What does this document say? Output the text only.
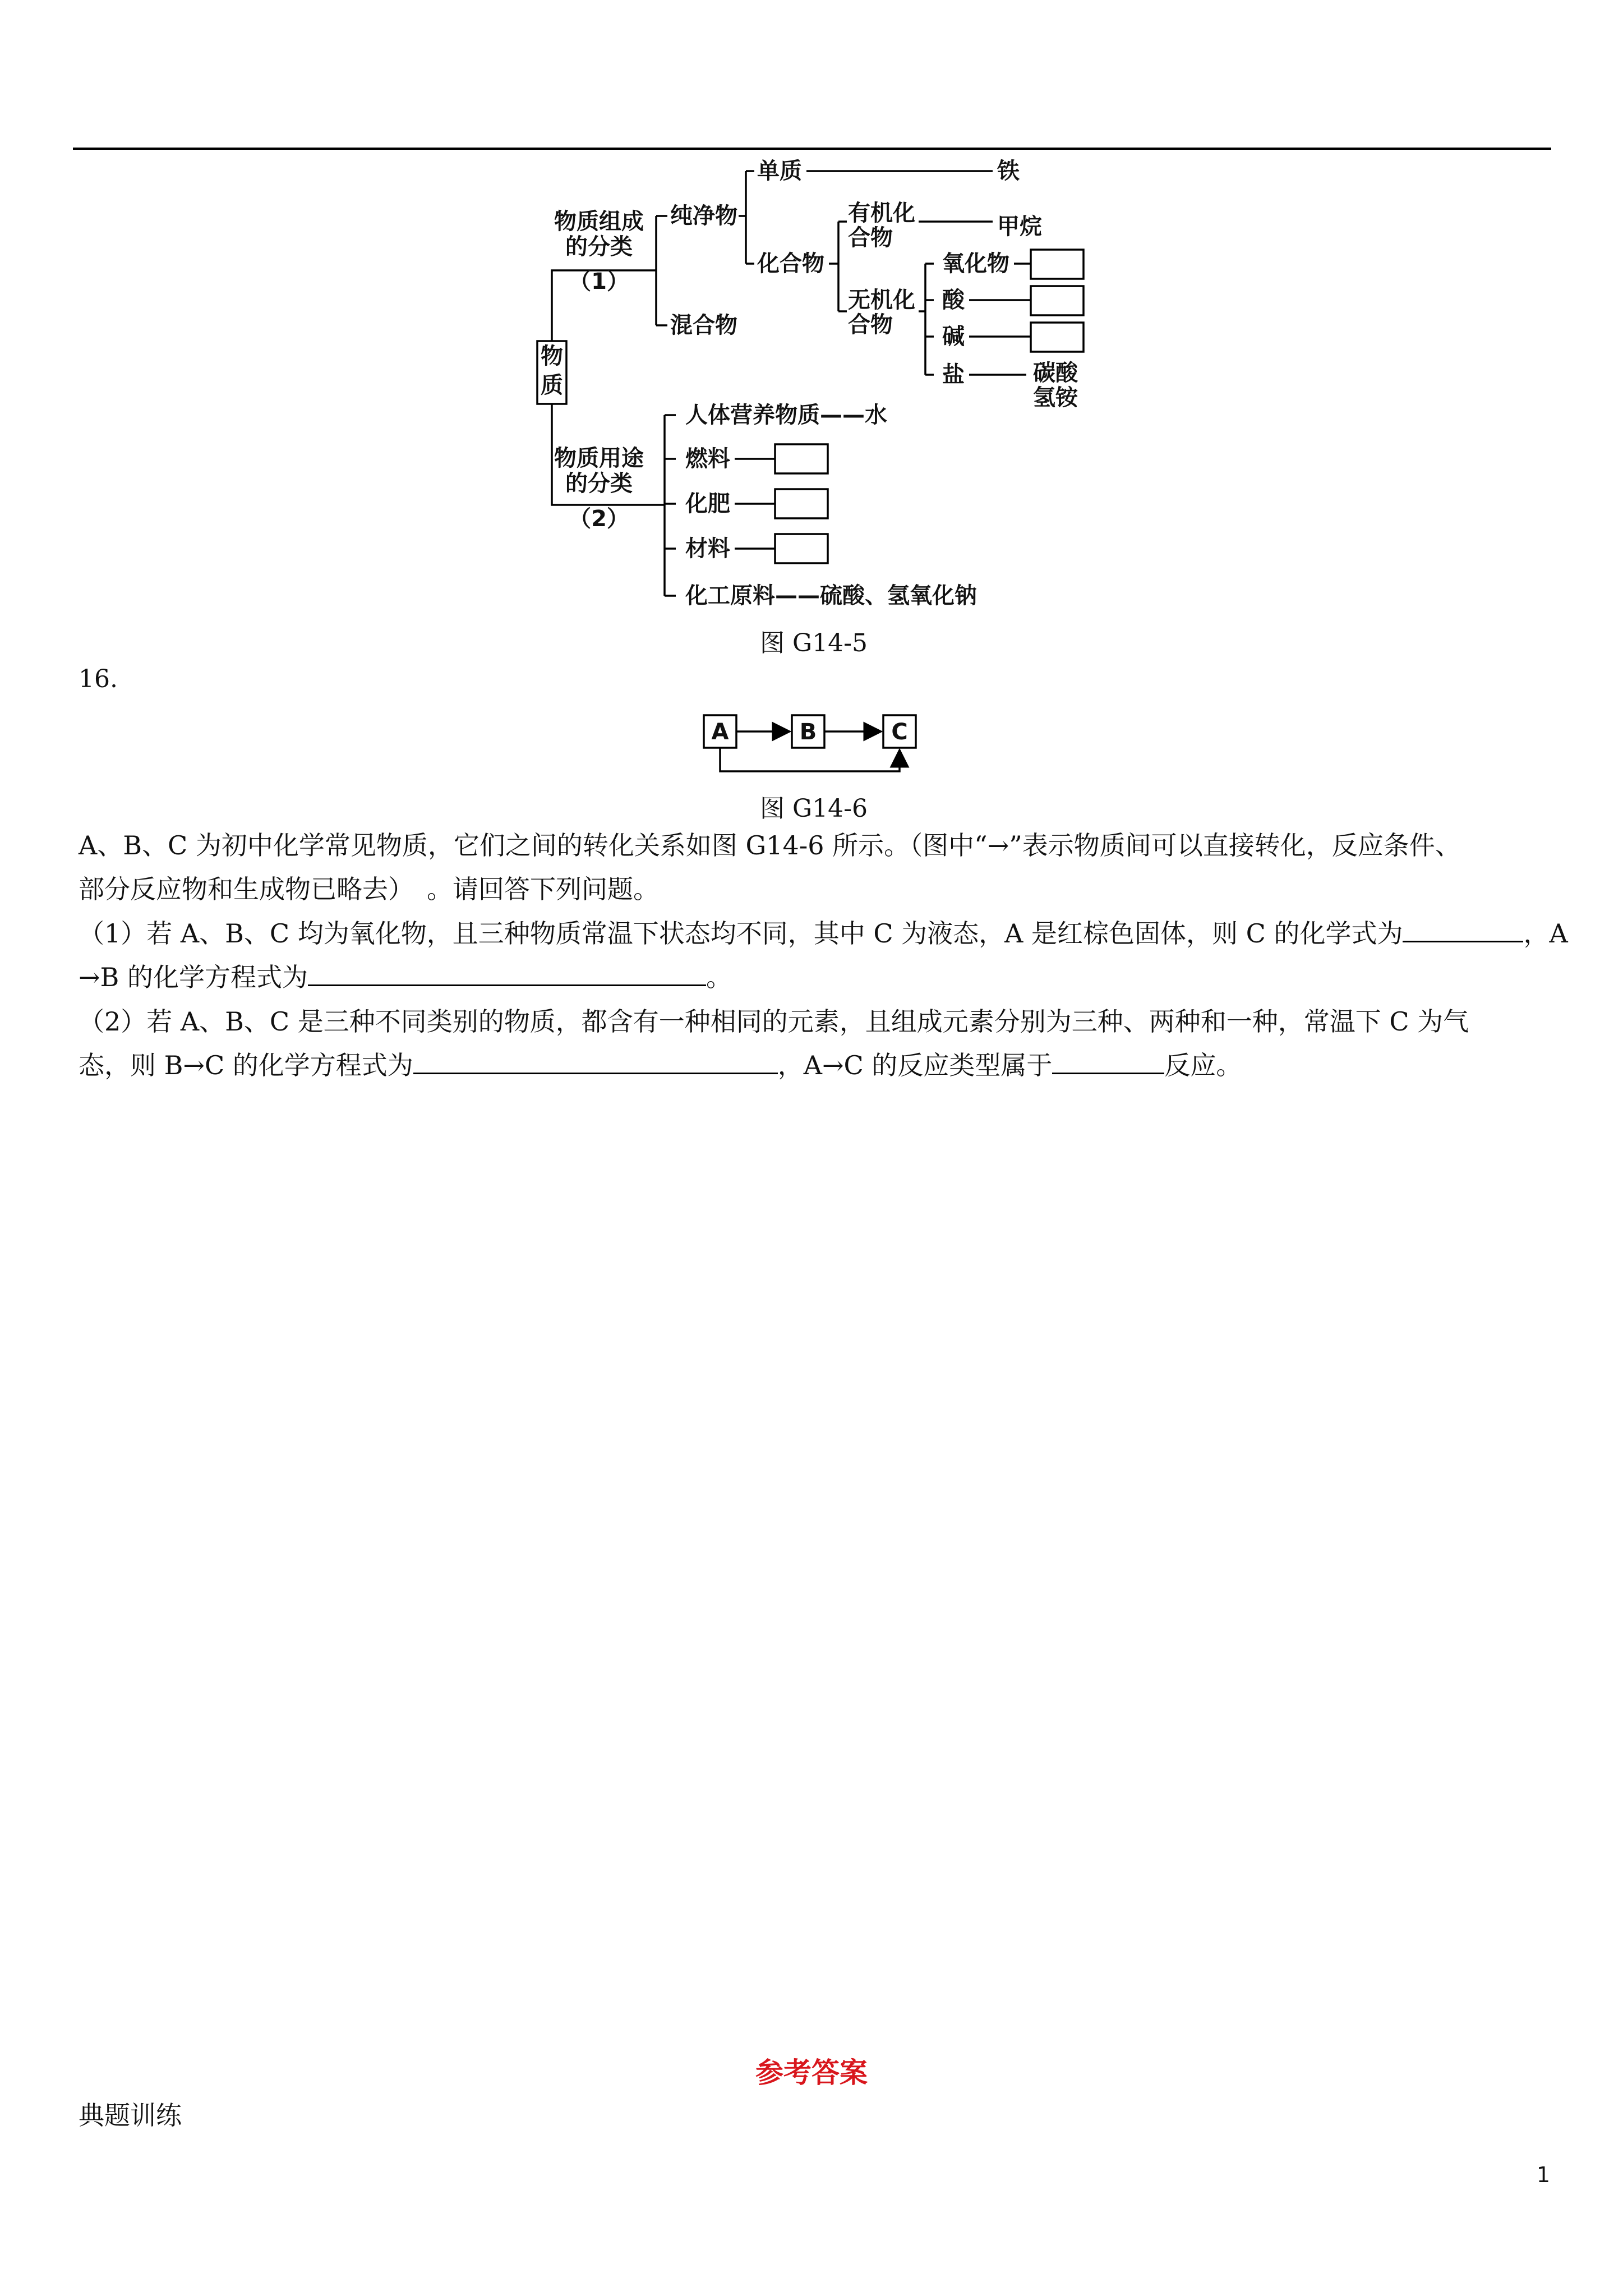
物
质
物质组成
的分类
（1）
纯净物
混合物
单质	铁
化合物
有机化
合物	甲烷
无机化
合物
氧化物
酸
碱
盐	碳酸
氢铵
物质用途
的分类
（2）
人体营养物质——水
燃料
化肥
材料
化工原料——硫酸、氢氧化钠
图 G14-5
16.
A	B	C
图 G14-6
A、B、C 为初中化学常见物质，它们之间的转化关系如图 G14-6 所示。（图中“→”表示物质间可以直接转化，反应条件、
部分反应物和生成物已略去）　。请回答下列问题。
（1）若 A、B、C 均为氧化物，且三种物质常温下状态均不同，其中 C 为液态，A 是红棕色固体，则 C 的化学式为	，A
→B 的化学方程式为	。
（2）若 A、B、C 是三种不同类别的物质，都含有一种相同的元素，且组成元素分别为三种、两种和一种，常温下 C 为气
态，则 B→C 的化学方程式为	，A→C 的反应类型属于	反应。
参考答案
典题训练
1
